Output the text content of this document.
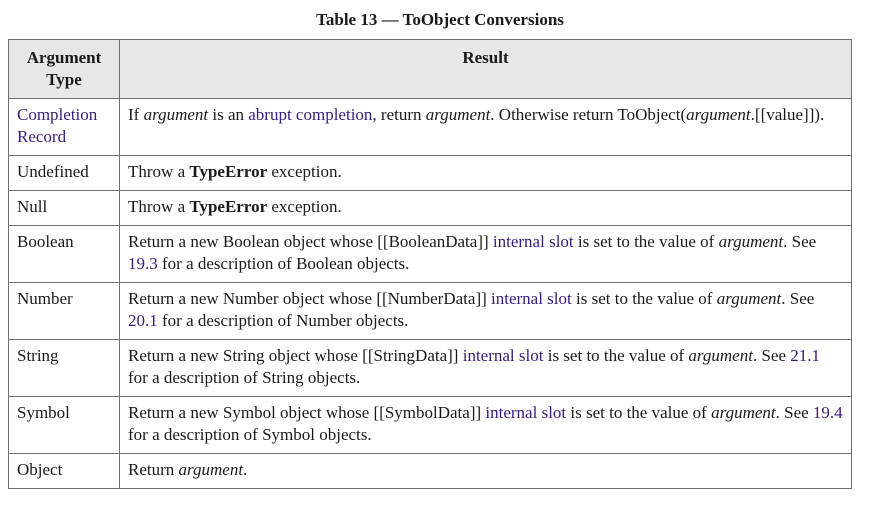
Table 13 — ToObject Conversions
Argument Type	Result
Completion Record	If argument is an abrupt completion, return argument. Otherwise return ToObject(argument.[[value]]).
Undefined	Throw a TypeError exception.
Null	Throw a TypeError exception.
Boolean	Return a new Boolean object whose [[BooleanData]] internal slot is set to the value of argument. See 19.3 for a description of Boolean objects.
Number	Return a new Number object whose [[NumberData]] internal slot is set to the value of argument. See 20.1 for a description of Number objects.
String	Return a new String object whose [[StringData]] internal slot is set to the value of argument. See 21.1 for a description of String objects.
Symbol	Return a new Symbol object whose [[SymbolData]] internal slot is set to the value of argument. See 19.4 for a description of Symbol objects.
Object	Return argument.
